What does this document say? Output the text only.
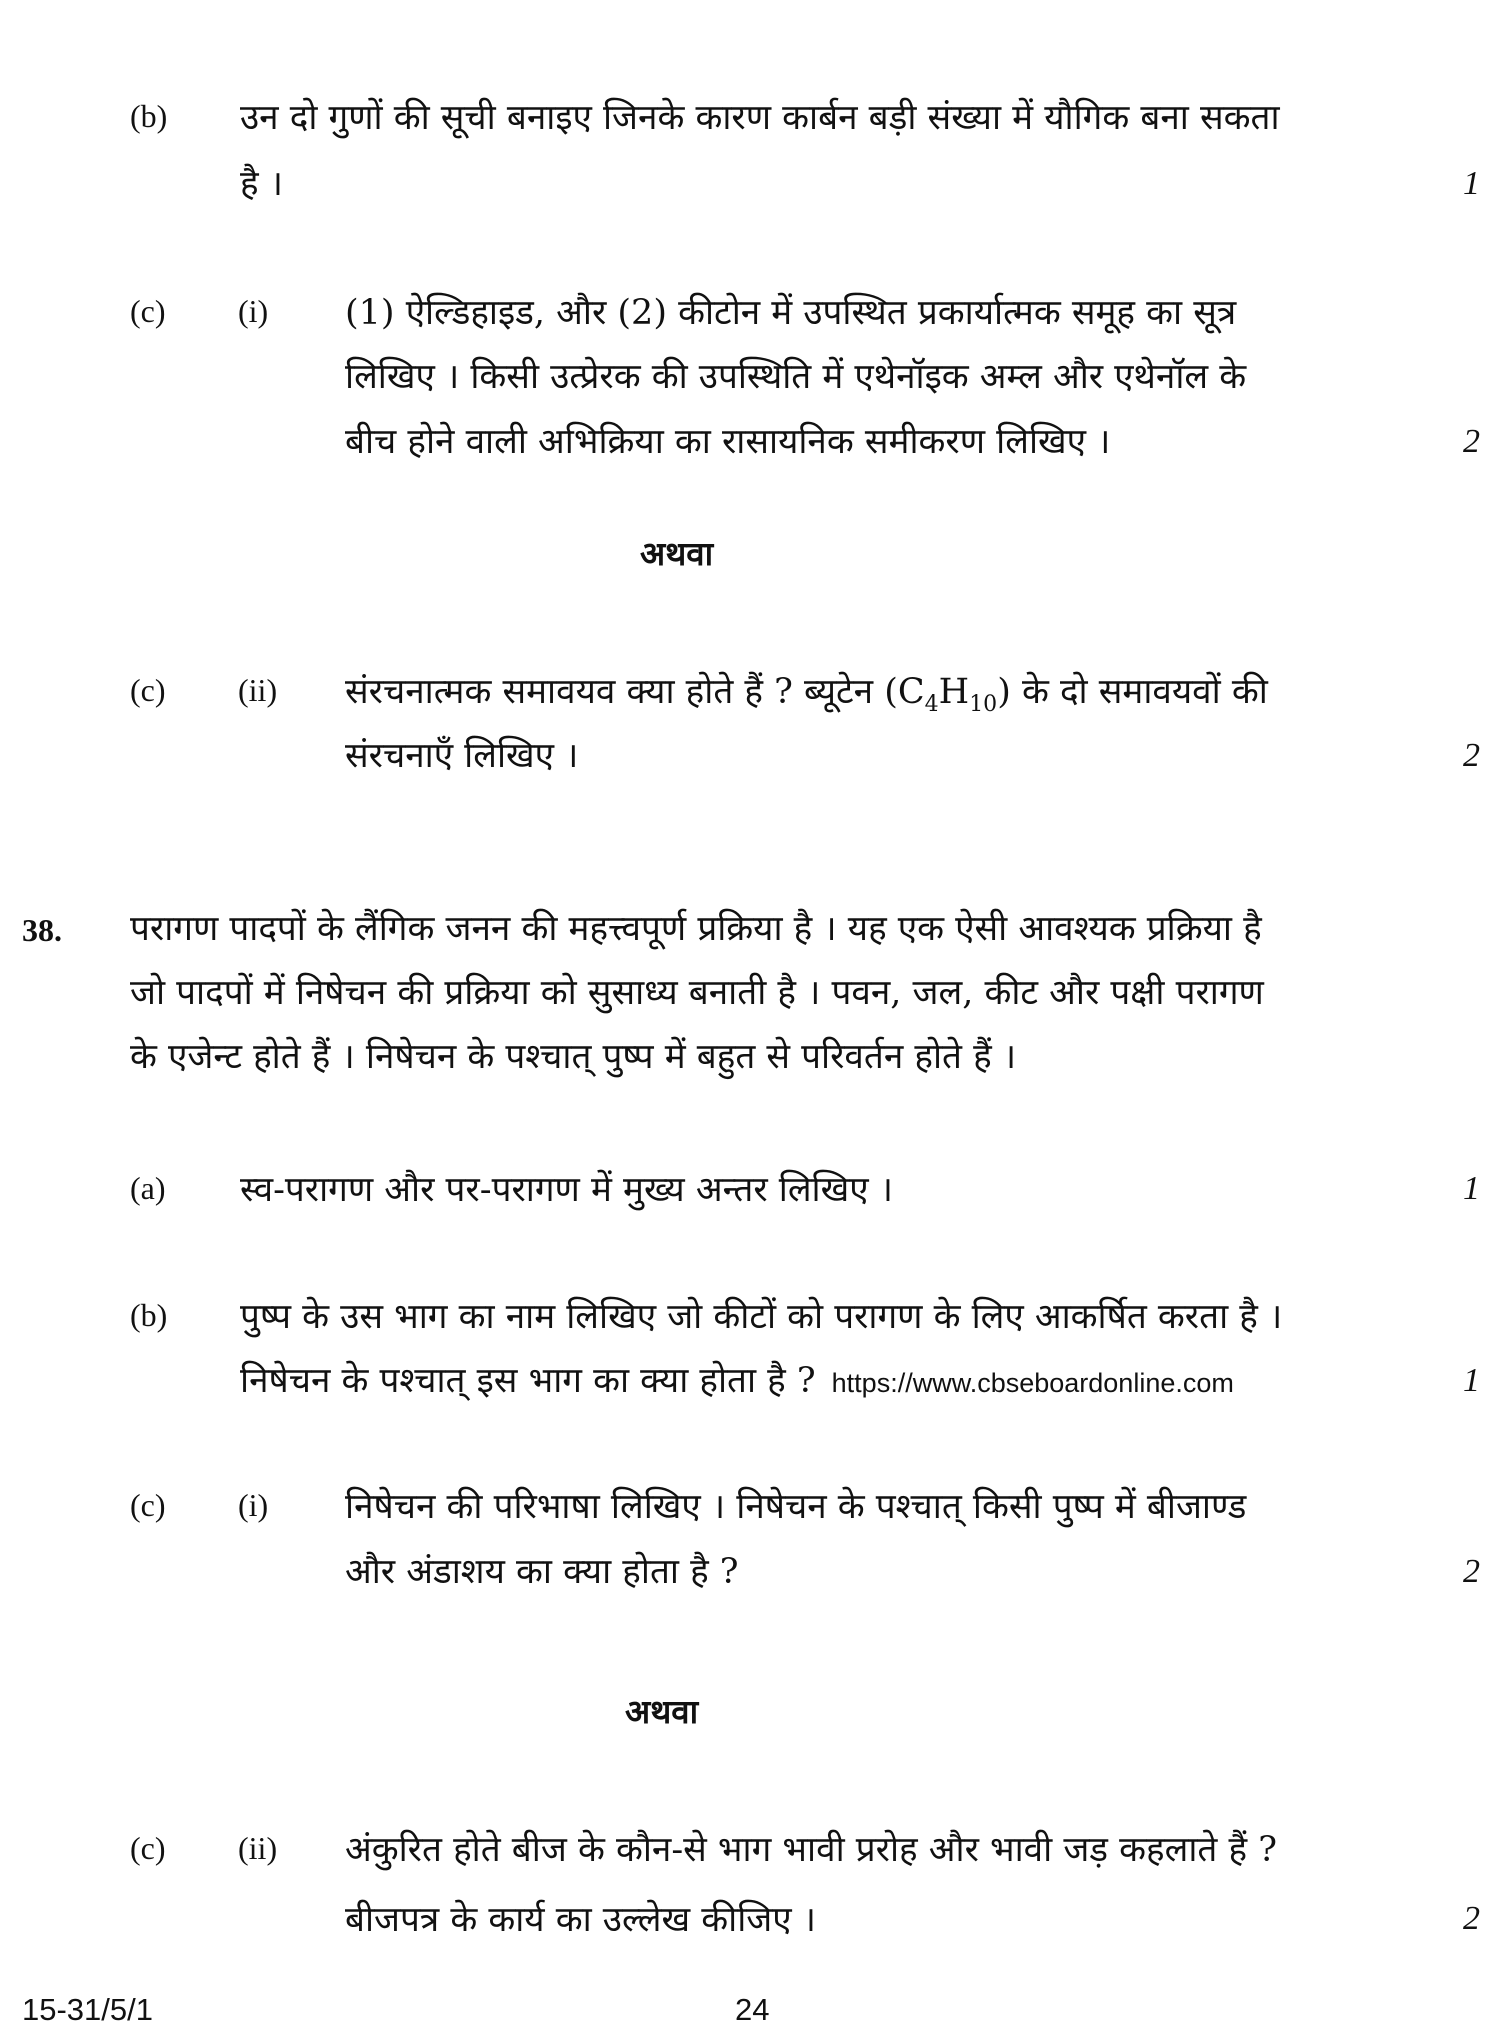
(b) उन दो गुणों की सूची बनाइए जिनके कारण कार्बन बड़ी संख्या में यौगिक बना सकता
है ।	1
(c) (i) (1) ऐल्डिहाइड, और (2) कीटोन में उपस्थित प्रकार्यात्मक समूह का सूत्र
लिखिए । किसी उत्प्रेरक की उपस्थिति में एथेनॉइक अम्ल और एथेनॉल के
बीच होने वाली अभिक्रिया का रासायनिक समीकरण लिखिए ।	2
अथवा
(c) (ii) संरचनात्मक समावयव क्या होते हैं ? ब्यूटेन $(C_4H_{10})$ के दो समावयवों की
संरचनाएँ लिखिए ।	2
38. परागण पादपों के लैंगिक जनन की महत्त्वपूर्ण प्रक्रिया है । यह एक ऐसी आवश्यक प्रक्रिया है
जो पादपों में निषेचन की प्रक्रिया को सुसाध्य बनाती है । पवन, जल, कीट और पक्षी परागण
के एजेन्ट होते हैं । निषेचन के पश्चात् पुष्प में बहुत से परिवर्तन होते हैं ।
(a) स्व-परागण और पर-परागण में मुख्य अन्तर लिखिए ।	1
(b) पुष्प के उस भाग का नाम लिखिए जो कीटों को परागण के लिए आकर्षित करता है ।
निषेचन के पश्चात् इस भाग का क्या होता है ? https://www.cbseboardonline.com	1
(c) (i) निषेचन की परिभाषा लिखिए । निषेचन के पश्चात् किसी पुष्प में बीजाण्ड
और अंडाशय का क्या होता है ?	2
अथवा
(c) (ii) अंकुरित होते बीज के कौन-से भाग भावी प्ररोह और भावी जड़ कहलाते हैं ?
बीजपत्र के कार्य का उल्लेख कीजिए ।	2
15-31/5/1	24
